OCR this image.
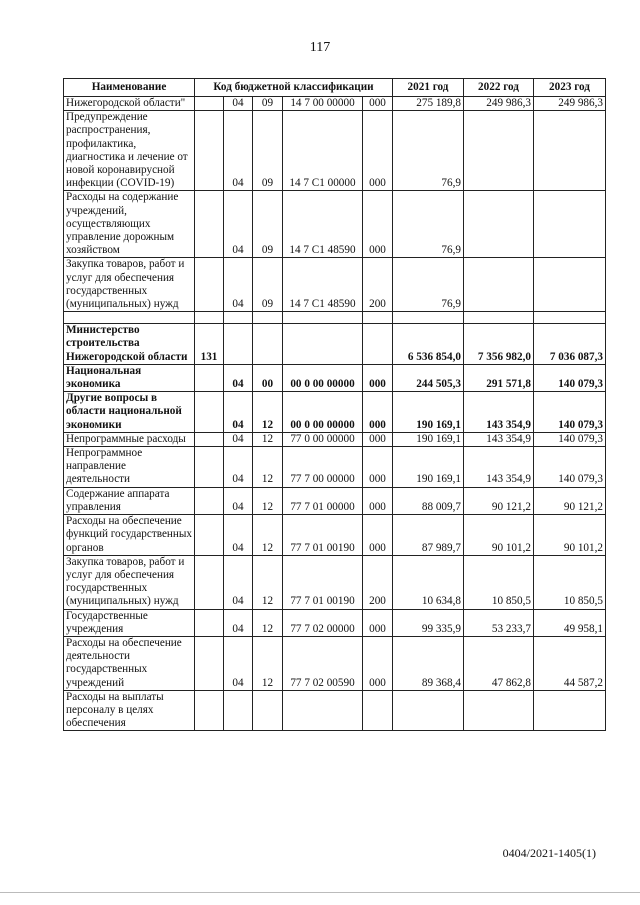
117
Наименование	Код бюджетной классификации					2021 год	2022 год	2023 год
Нижегородской области"		04	09	14 7 00 00000	000	275 189,8	249 986,3	249 986,3
Предупреждение распространения, профилактика, диагностика и лечение от новой коронавирусной инфекции (COVID-19)		04	09	14 7 C1 00000	000	76,9		
Расходы на содержание учреждений, осуществляющих управление дорожным хозяйством		04	09	14 7 C1 48590	000	76,9		
Закупка товаров, работ и услуг для обеспечения государственных (муниципальных) нужд		04	09	14 7 C1 48590	200	76,9		

Министерство строительства Нижегородской области	131					6 536 854,0	7 356 982,0	7 036 087,3
Национальная экономика		04	00	00 0 00 00000	000	244 505,3	291 571,8	140 079,3
Другие вопросы в области национальной экономики		04	12	00 0 00 00000	000	190 169,1	143 354,9	140 079,3
Непрограммные расходы		04	12	77 0 00 00000	000	190 169,1	143 354,9	140 079,3
Непрограммное направление деятельности		04	12	77 7 00 00000	000	190 169,1	143 354,9	140 079,3
Содержание аппарата управления		04	12	77 7 01 00000	000	88 009,7	90 121,2	90 121,2
Расходы на обеспечение функций государственных органов		04	12	77 7 01 00190	000	87 989,7	90 101,2	90 101,2
Закупка товаров, работ и услуг для обеспечения государственных (муниципальных) нужд		04	12	77 7 01 00190	200	10 634,8	10 850,5	10 850,5
Государственные учреждения		04	12	77 7 02 00000	000	99 335,9	53 233,7	49 958,1
Расходы на обеспечение деятельности государственных учреждений		04	12	77 7 02 00590	000	89 368,4	47 862,8	44 587,2
Расходы на выплаты персоналу в целях обеспечения								
0404/2021-1405(1)
